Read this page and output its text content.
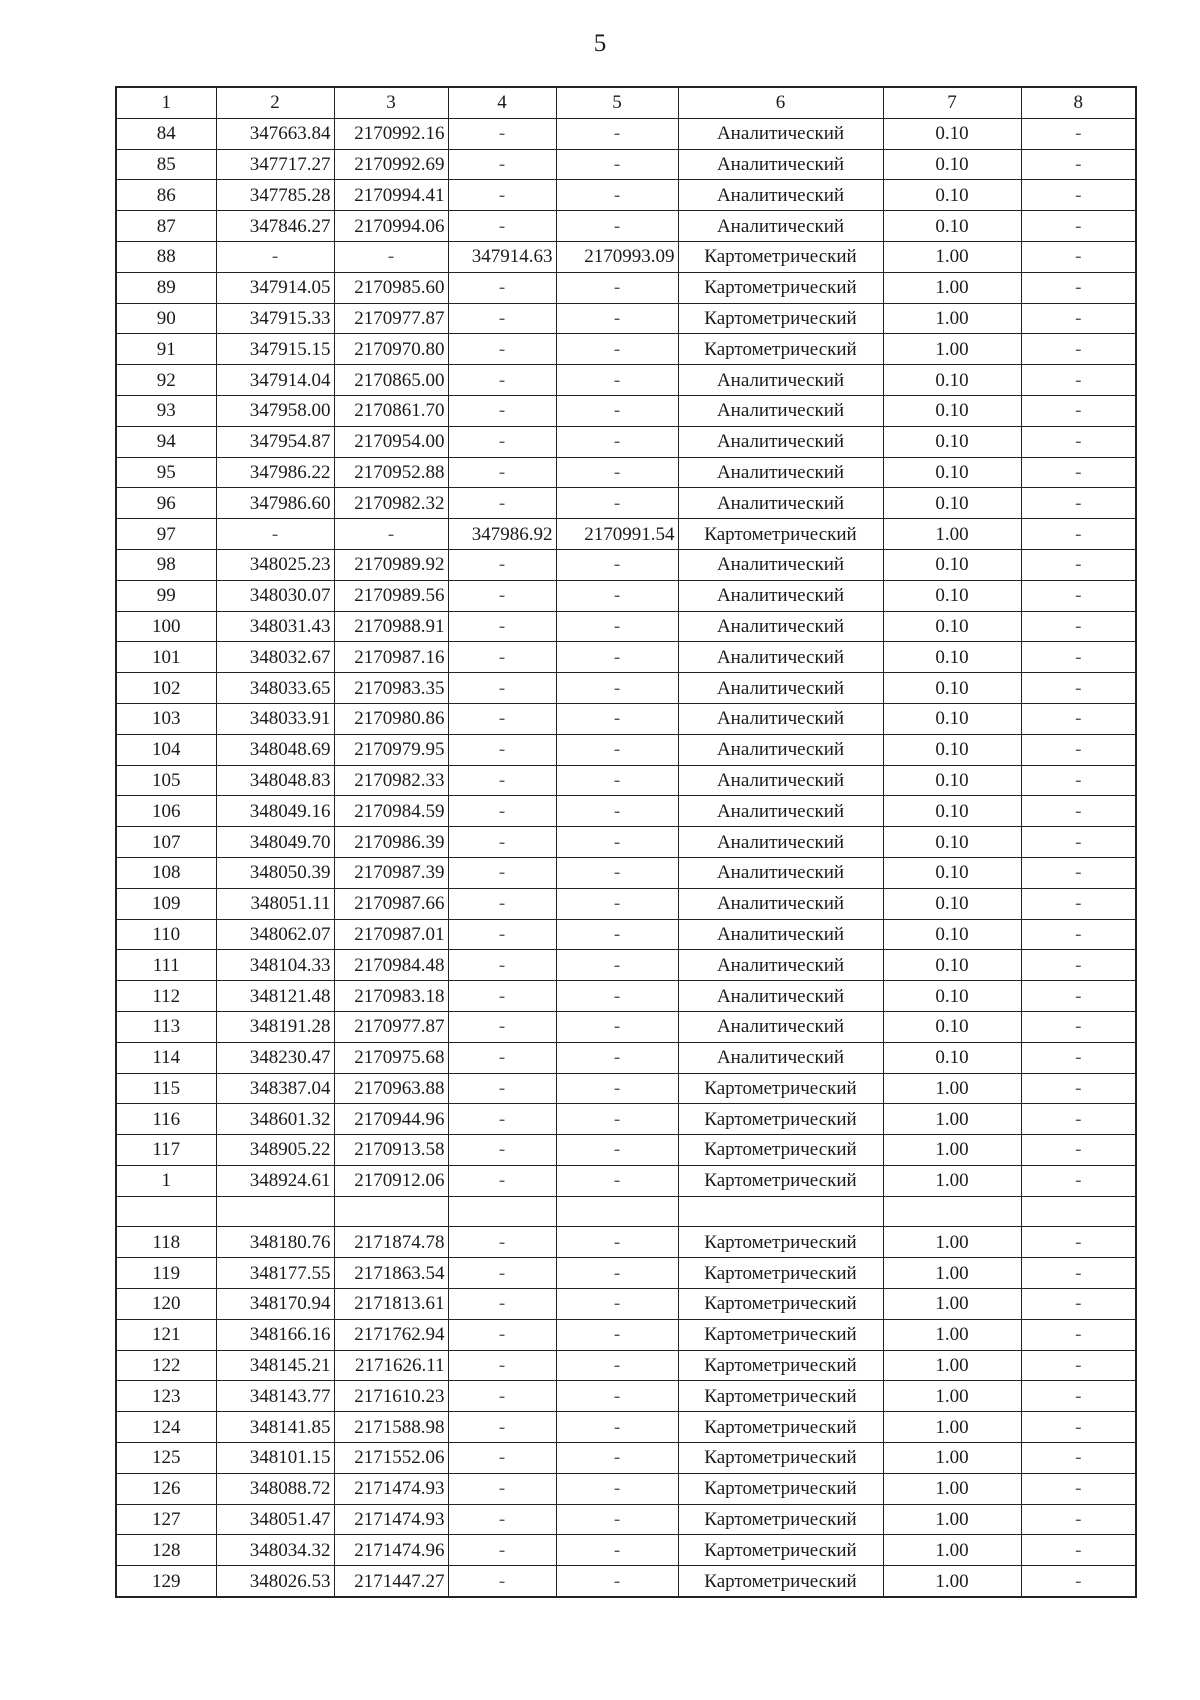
5
1	2	3	4	5	6	7	8
84	347663.84	2170992.16	-	-	Аналитический	0.10	-
85	347717.27	2170992.69	-	-	Аналитический	0.10	-
86	347785.28	2170994.41	-	-	Аналитический	0.10	-
87	347846.27	2170994.06	-	-	Аналитический	0.10	-
88	-	-	347914.63	2170993.09	Картометрический	1.00	-
89	347914.05	2170985.60	-	-	Картометрический	1.00	-
90	347915.33	2170977.87	-	-	Картометрический	1.00	-
91	347915.15	2170970.80	-	-	Картометрический	1.00	-
92	347914.04	2170865.00	-	-	Аналитический	0.10	-
93	347958.00	2170861.70	-	-	Аналитический	0.10	-
94	347954.87	2170954.00	-	-	Аналитический	0.10	-
95	347986.22	2170952.88	-	-	Аналитический	0.10	-
96	347986.60	2170982.32	-	-	Аналитический	0.10	-
97	-	-	347986.92	2170991.54	Картометрический	1.00	-
98	348025.23	2170989.92	-	-	Аналитический	0.10	-
99	348030.07	2170989.56	-	-	Аналитический	0.10	-
100	348031.43	2170988.91	-	-	Аналитический	0.10	-
101	348032.67	2170987.16	-	-	Аналитический	0.10	-
102	348033.65	2170983.35	-	-	Аналитический	0.10	-
103	348033.91	2170980.86	-	-	Аналитический	0.10	-
104	348048.69	2170979.95	-	-	Аналитический	0.10	-
105	348048.83	2170982.33	-	-	Аналитический	0.10	-
106	348049.16	2170984.59	-	-	Аналитический	0.10	-
107	348049.70	2170986.39	-	-	Аналитический	0.10	-
108	348050.39	2170987.39	-	-	Аналитический	0.10	-
109	348051.11	2170987.66	-	-	Аналитический	0.10	-
110	348062.07	2170987.01	-	-	Аналитический	0.10	-
111	348104.33	2170984.48	-	-	Аналитический	0.10	-
112	348121.48	2170983.18	-	-	Аналитический	0.10	-
113	348191.28	2170977.87	-	-	Аналитический	0.10	-
114	348230.47	2170975.68	-	-	Аналитический	0.10	-
115	348387.04	2170963.88	-	-	Картометрический	1.00	-
116	348601.32	2170944.96	-	-	Картометрический	1.00	-
117	348905.22	2170913.58	-	-	Картометрический	1.00	-
1	348924.61	2170912.06	-	-	Картометрический	1.00	-

118	348180.76	2171874.78	-	-	Картометрический	1.00	-
119	348177.55	2171863.54	-	-	Картометрический	1.00	-
120	348170.94	2171813.61	-	-	Картометрический	1.00	-
121	348166.16	2171762.94	-	-	Картометрический	1.00	-
122	348145.21	2171626.11	-	-	Картометрический	1.00	-
123	348143.77	2171610.23	-	-	Картометрический	1.00	-
124	348141.85	2171588.98	-	-	Картометрический	1.00	-
125	348101.15	2171552.06	-	-	Картометрический	1.00	-
126	348088.72	2171474.93	-	-	Картометрический	1.00	-
127	348051.47	2171474.93	-	-	Картометрический	1.00	-
128	348034.32	2171474.96	-	-	Картометрический	1.00	-
129	348026.53	2171447.27	-	-	Картометрический	1.00	-
